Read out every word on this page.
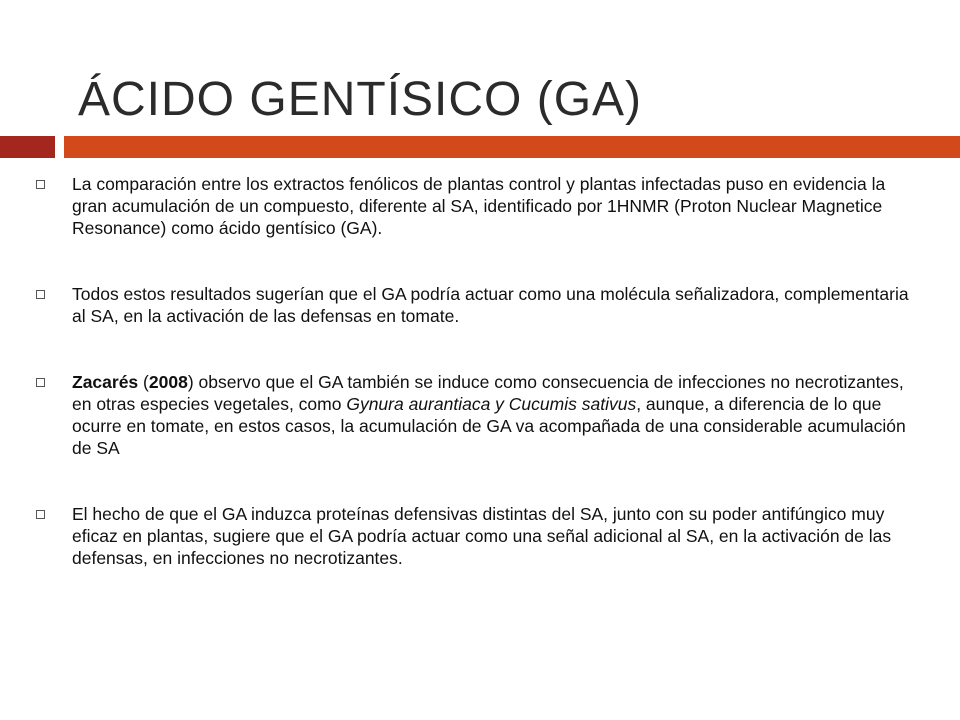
ÁCIDO GENTÍSICO (GA)
La comparación entre los extractos fenólicos de plantas control y plantas infectadas puso en evidencia la gran acumulación de un compuesto, diferente al SA, identificado por 1HNMR (Proton Nuclear Magnetice Resonance) como ácido gentísico (GA).
Todos estos resultados sugerían que el GA podría actuar como una molécula señalizadora, complementaria al SA, en la activación de las defensas en tomate.
Zacarés (2008) observo que el GA también se induce como consecuencia de infecciones no necrotizantes, en otras especies vegetales, como Gynura aurantiaca y Cucumis sativus, aunque, a diferencia de lo que ocurre en tomate, en estos casos, la acumulación de GA va acompañada de una considerable acumulación de SA
El hecho de que el GA induzca proteínas defensivas distintas del SA, junto con su poder antifúngico muy eficaz en plantas, sugiere que el GA podría actuar como una señal adicional al SA, en la activación de las defensas, en infecciones no necrotizantes.
